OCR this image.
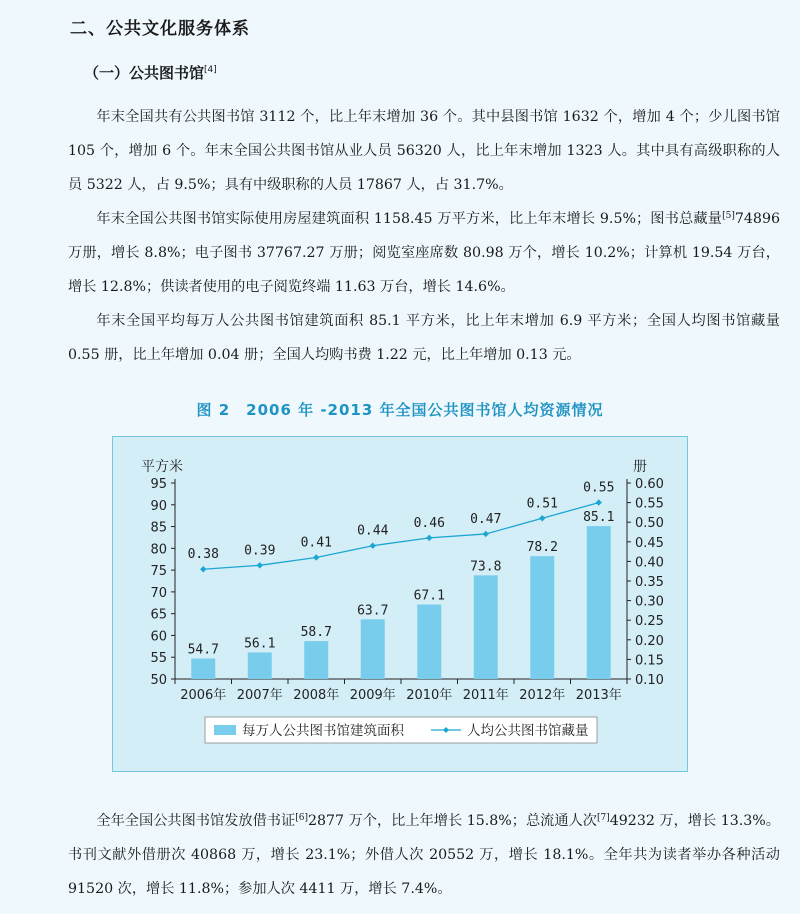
二、公共文化服务体系
（一）公共图书馆[4]
年末全国共有公共图书馆 3112 个，比上年末增加 36 个。其中县图书馆 1632 个，增加 4 个；少儿图书馆 105 个，增加 6 个。年末全国公共图书馆从业人员 56320 人，比上年末增加 1323 人。其中具有高级职称的人员 5322 人，占 9.5%；具有中级职称的人员 17867 人，占 31.7%。
年末全国公共图书馆实际使用房屋建筑面积 1158.45 万平方米，比上年末增长 9.5%；图书总藏量[5]74896 万册，增长 8.8%；电子图书 37767.27 万册；阅览室座席数 80.98 万个，增长 10.2%；计算机 19.54 万台，增长 12.8%；供读者使用的电子阅览终端 11.63 万台，增长 14.6%。
年末全国平均每万人公共图书馆建筑面积 85.1 平方米，比上年末增加 6.9 平方米；全国人均图书馆藏量 0.55 册，比上年增加 0.04 册；全国人均购书费 1.22 元，比上年增加 0.13 元。
图 2　2006 年 -2013 年全国公共图书馆人均资源情况
50
55
60
65
70
75
80
85
90
95
0.10
0.15
0.20
0.25
0.30
0.35
0.40
0.45
0.50
0.55
0.60
平方米	册
2006年 2007年 2008年 2009年 2010年 2011年 2012年 2013年
54.7 56.1
58.7
63.7
67.1
73.8
78.2
85.1
0.38 0.39
0.41
0.44
0.46 0.47
0.51
0.55
每万人公共图书馆建筑面积	人均公共图书馆藏量
全年全国公共图书馆发放借书证[6]2877 万个，比上年增长 15.8%；总流通人次[7]49232 万，增长 13.3%。书刊文献外借册次 40868 万，增长 23.1%；外借人次 20552 万，增长 18.1%。全年共为读者举办各种活动 91520 次，增长 11.8%；参加人次 4411 万，增长 7.4%。
